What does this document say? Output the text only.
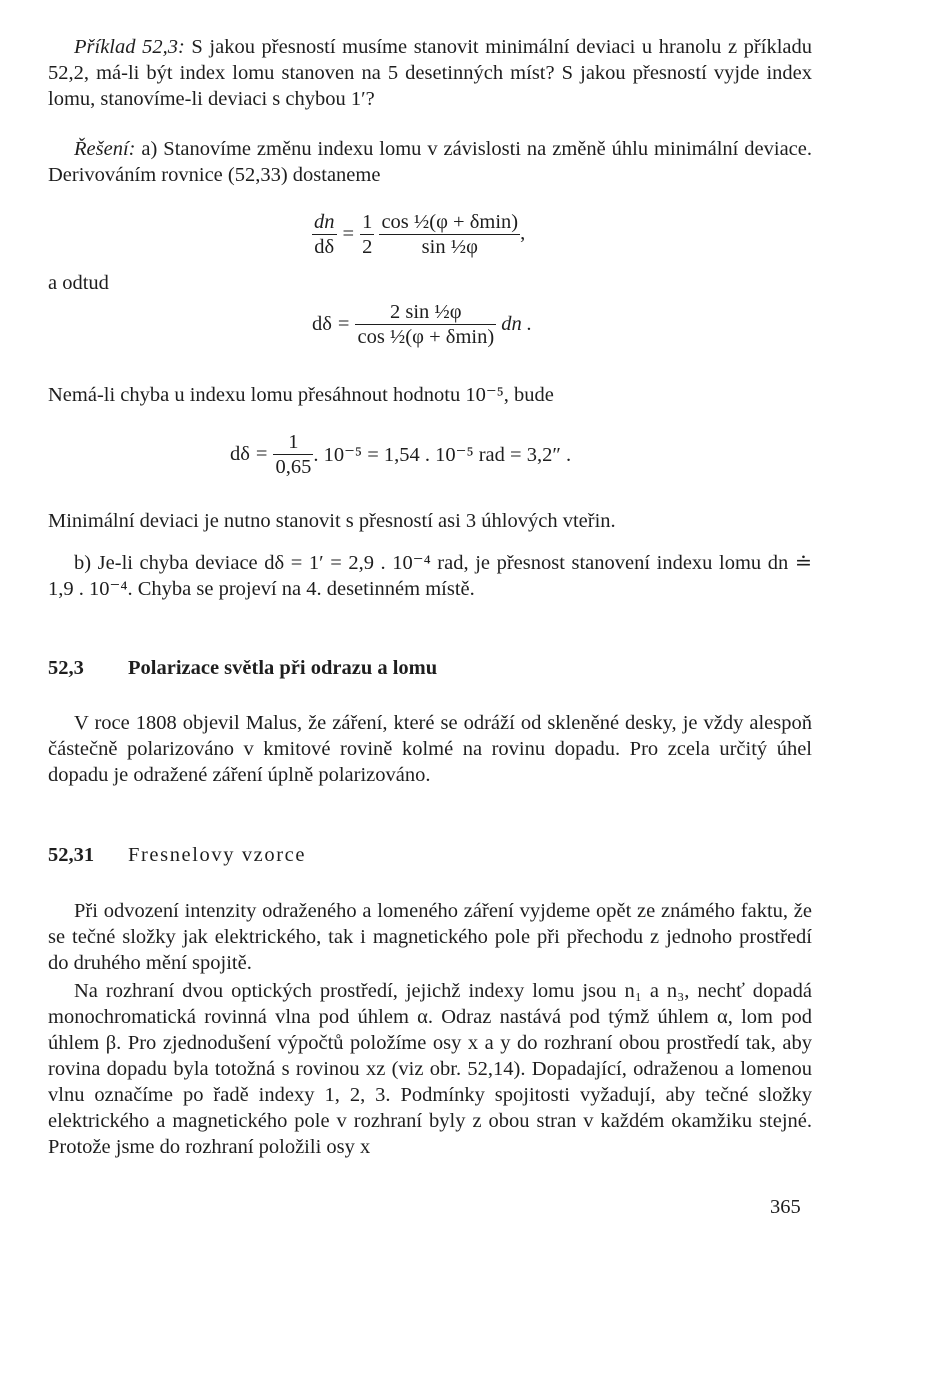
Příklad 52,3: S jakou přesností musíme stanovit minimální deviaci u hranolu z příkladu 52,2, má-li být index lomu stanoven na 5 desetinných míst? S jakou přesností vyjde index lomu, stanovíme-li deviaci s chybou 1′?

Řešení: a) Stanovíme změnu indexu lomu v závislosti na změně úhlu minimální deviace. Derivováním rovnice (52,33) dostaneme

$\frac{dn}{d\delta} = \frac{1}{2}$
$\frac{\text{cos ½(φ + δmin)}}{\text{sin ½φ}}$ ,
a odtud
$d\delta = \frac{\text{2 sin ½φ}}{\text{cos ½(φ + δmin)}}$ dn .
Nemá-li chyba u indexu lomu přesáhnout hodnotu 10⁻⁵, bude
$d\delta = \frac{1}{0,65}$ . 10⁻⁵ = 1,54 . 10⁻⁵ rad = 3,2″ .
Minimální deviaci je nutno stanovit s přesností asi 3 úhlových vteřin.

b) Je-li chyba deviace dδ = 1′ = 2,9 . 10⁻⁴ rad, je přesnost stanovení indexu lomu dn ≐ 1,9 . 10⁻⁴. Chyba se projeví na 4. desetinném místě.

52,3 Polarizace světla při odrazu a lomu

V roce 1808 objevil Malus, že záření, které se odráží od skleněné desky, je vždy alespoň částečně polarizováno v kmitové rovině kolmé na rovinu dopadu. Pro zcela určitý úhel dopadu je odražené záření úplně polarizováno.

52,31 Fresnelovy vzorce

Při odvození intenzity odraženého a lomeného záření vyjdeme opět ze známého faktu, že se tečné složky jak elektrického, tak i magnetického pole při přechodu z jednoho prostředí do druhého mění spojitě.

Na rozhraní dvou optických prostředí, jejichž indexy lomu jsou n₁ a n₃, nechť dopadá monochromatická rovinná vlna pod úhlem α. Odraz nastává pod týmž úhlem α, lom pod úhlem β. Pro zjednodušení výpočtů položíme osy x a y do rozhraní obou prostředí tak, aby rovina dopadu byla totožná s rovinou xz (viz obr. 52,14). Dopadající, odraženou a lomenou vlnu označíme po řadě indexy 1, 2, 3. Podmínky spojitosti vyžadují, aby tečné složky elektrického a magnetického pole v rozhraní byly z obou stran v každém okamžiku stejné. Protože jsme do rozhraní položili osy x

365
